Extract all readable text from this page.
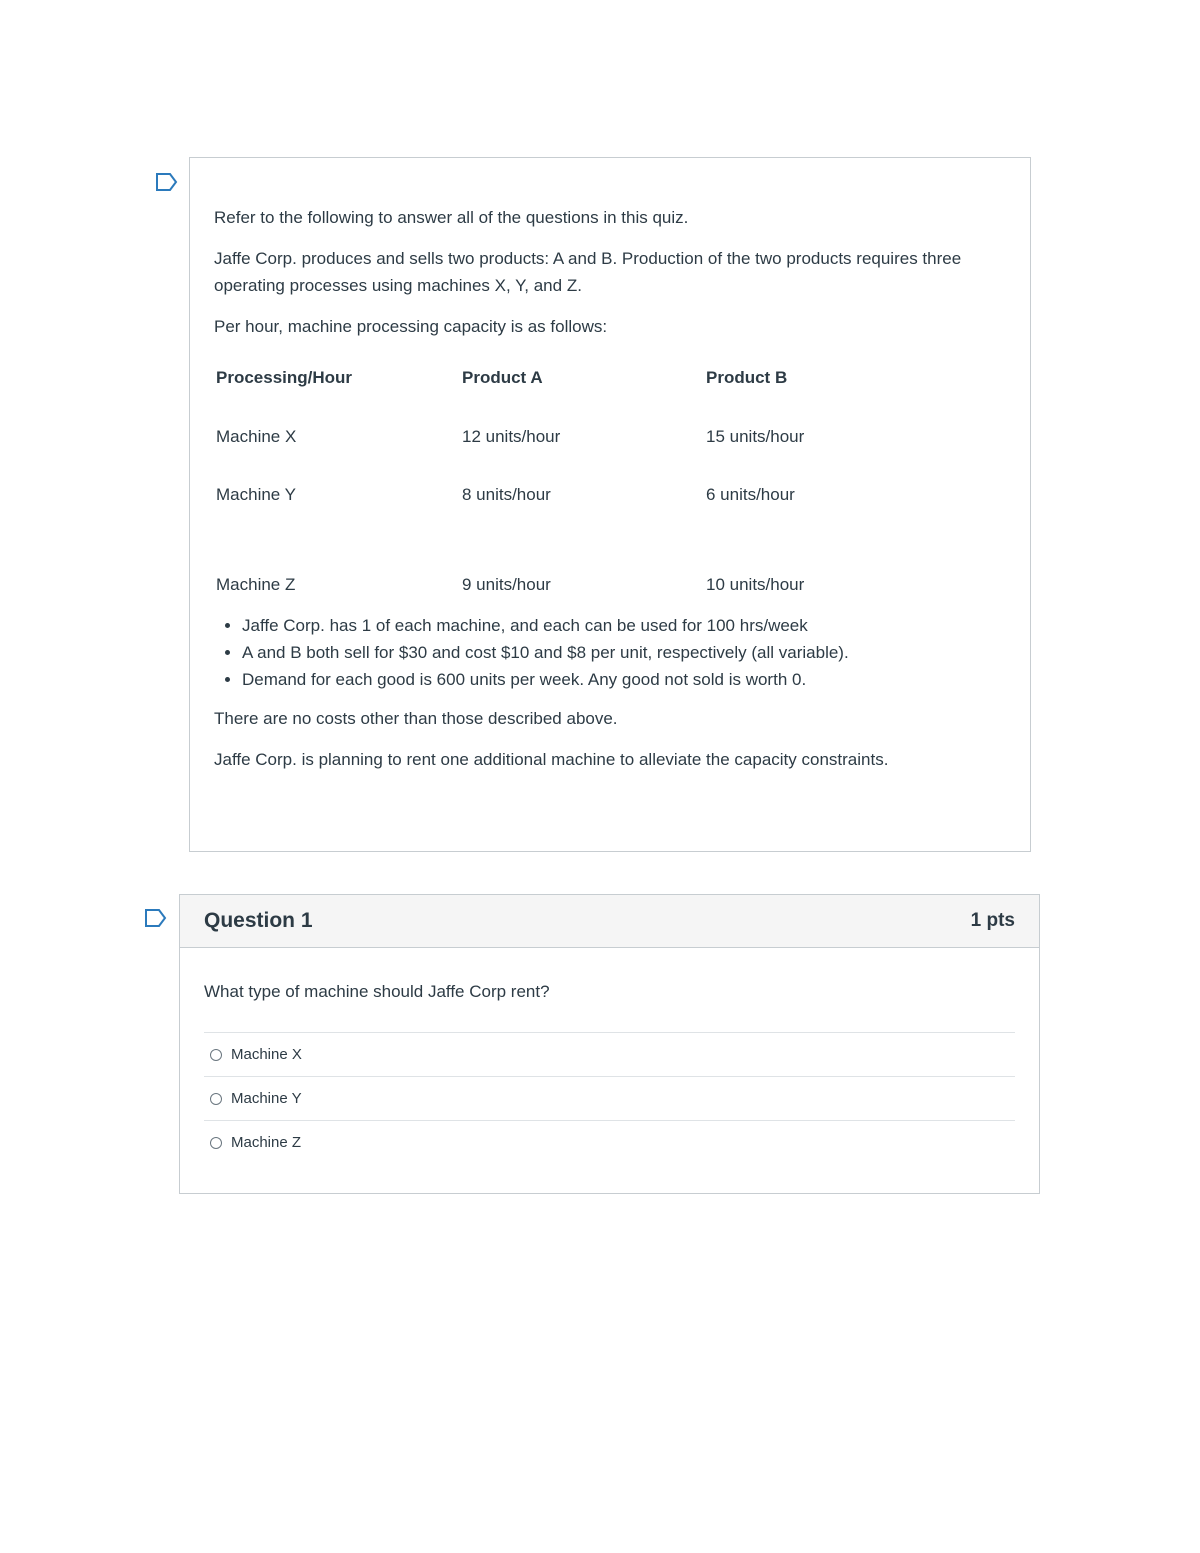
Refer to the following to answer all of the questions in this quiz.

Jaffe Corp. produces and sells two products: A and B. Production of the two products requires three operating processes using machines X, Y, and Z.

Per hour, machine processing capacity is as follows:

Processing/Hour	Product A	Product B
Machine X	12 units/hour	15 units/hour
Machine Y	8 units/hour	6 units/hour
Machine Z	9 units/hour	10 units/hour
• Jaffe Corp. has 1 of each machine, and each can be used for 100 hrs/week
• A and B both sell for $30 and cost $10 and $8 per unit, respectively (all variable).
• Demand for each good is 600 units per week. Any good not sold is worth 0.

There are no costs other than those described above.

Jaffe Corp. is planning to rent one additional machine to alleviate the capacity constraints.

Question 1	1 pts

What type of machine should Jaffe Corp rent?

Machine X
Machine Y
Machine Z
